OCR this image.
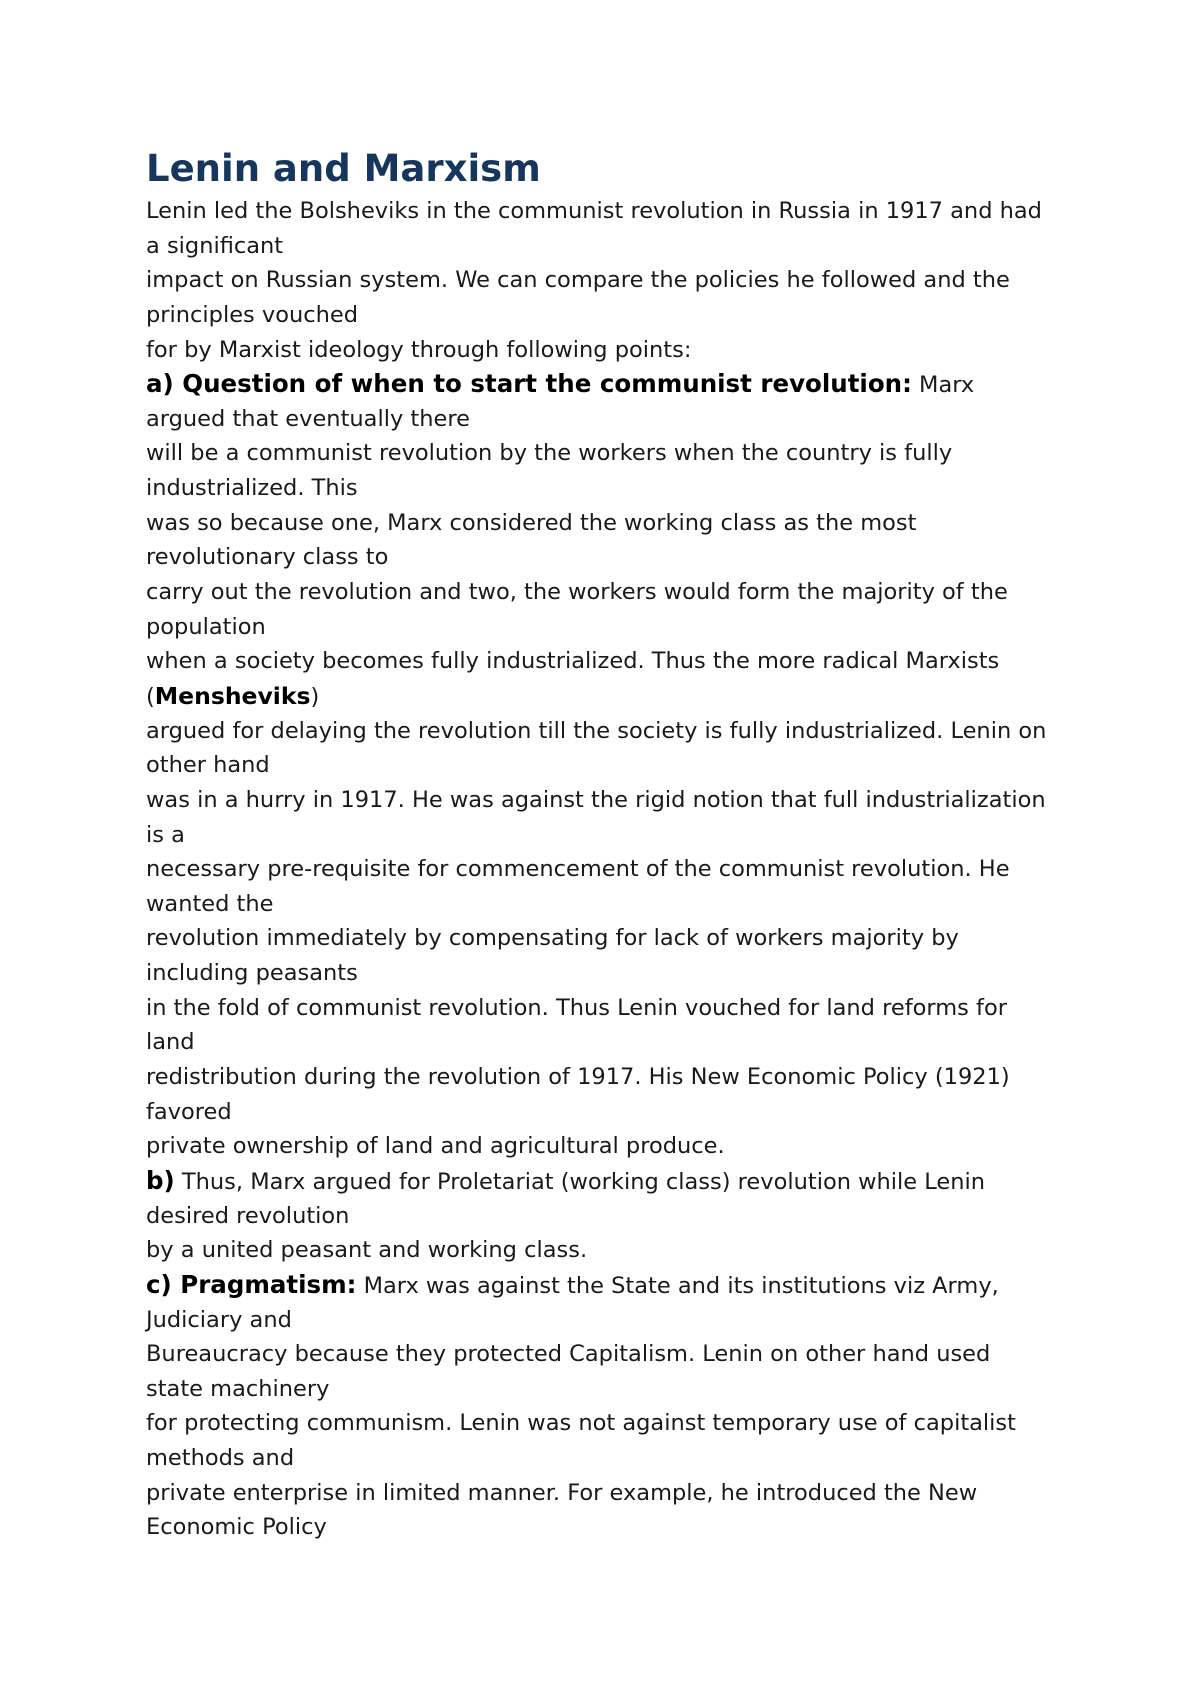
Lenin and Marxism
Lenin led the Bolsheviks in the communist revolution in Russia in 1917 and had
a significant
impact on Russian system. We can compare the policies he followed and the
principles vouched
for by Marxist ideology through following points:
a) Question of when to start the communist revolution: Marx
argued that eventually there
will be a communist revolution by the workers when the country is fully
industrialized. This
was so because one, Marx considered the working class as the most
revolutionary class to
carry out the revolution and two, the workers would form the majority of the
population
when a society becomes fully industrialized. Thus the more radical Marxists
(Mensheviks)
argued for delaying the revolution till the society is fully industrialized. Lenin on
other hand
was in a hurry in 1917. He was against the rigid notion that full industrialization
is a
necessary pre-requisite for commencement of the communist revolution. He
wanted the
revolution immediately by compensating for lack of workers majority by
including peasants
in the fold of communist revolution. Thus Lenin vouched for land reforms for
land
redistribution during the revolution of 1917. His New Economic Policy (1921)
favored
private ownership of land and agricultural produce.
b) Thus, Marx argued for Proletariat (working class) revolution while Lenin
desired revolution
by a united peasant and working class.
c) Pragmatism: Marx was against the State and its institutions viz Army,
Judiciary and
Bureaucracy because they protected Capitalism. Lenin on other hand used
state machinery
for protecting communism. Lenin was not against temporary use of capitalist
methods and
private enterprise in limited manner. For example, he introduced the New
Economic Policy
